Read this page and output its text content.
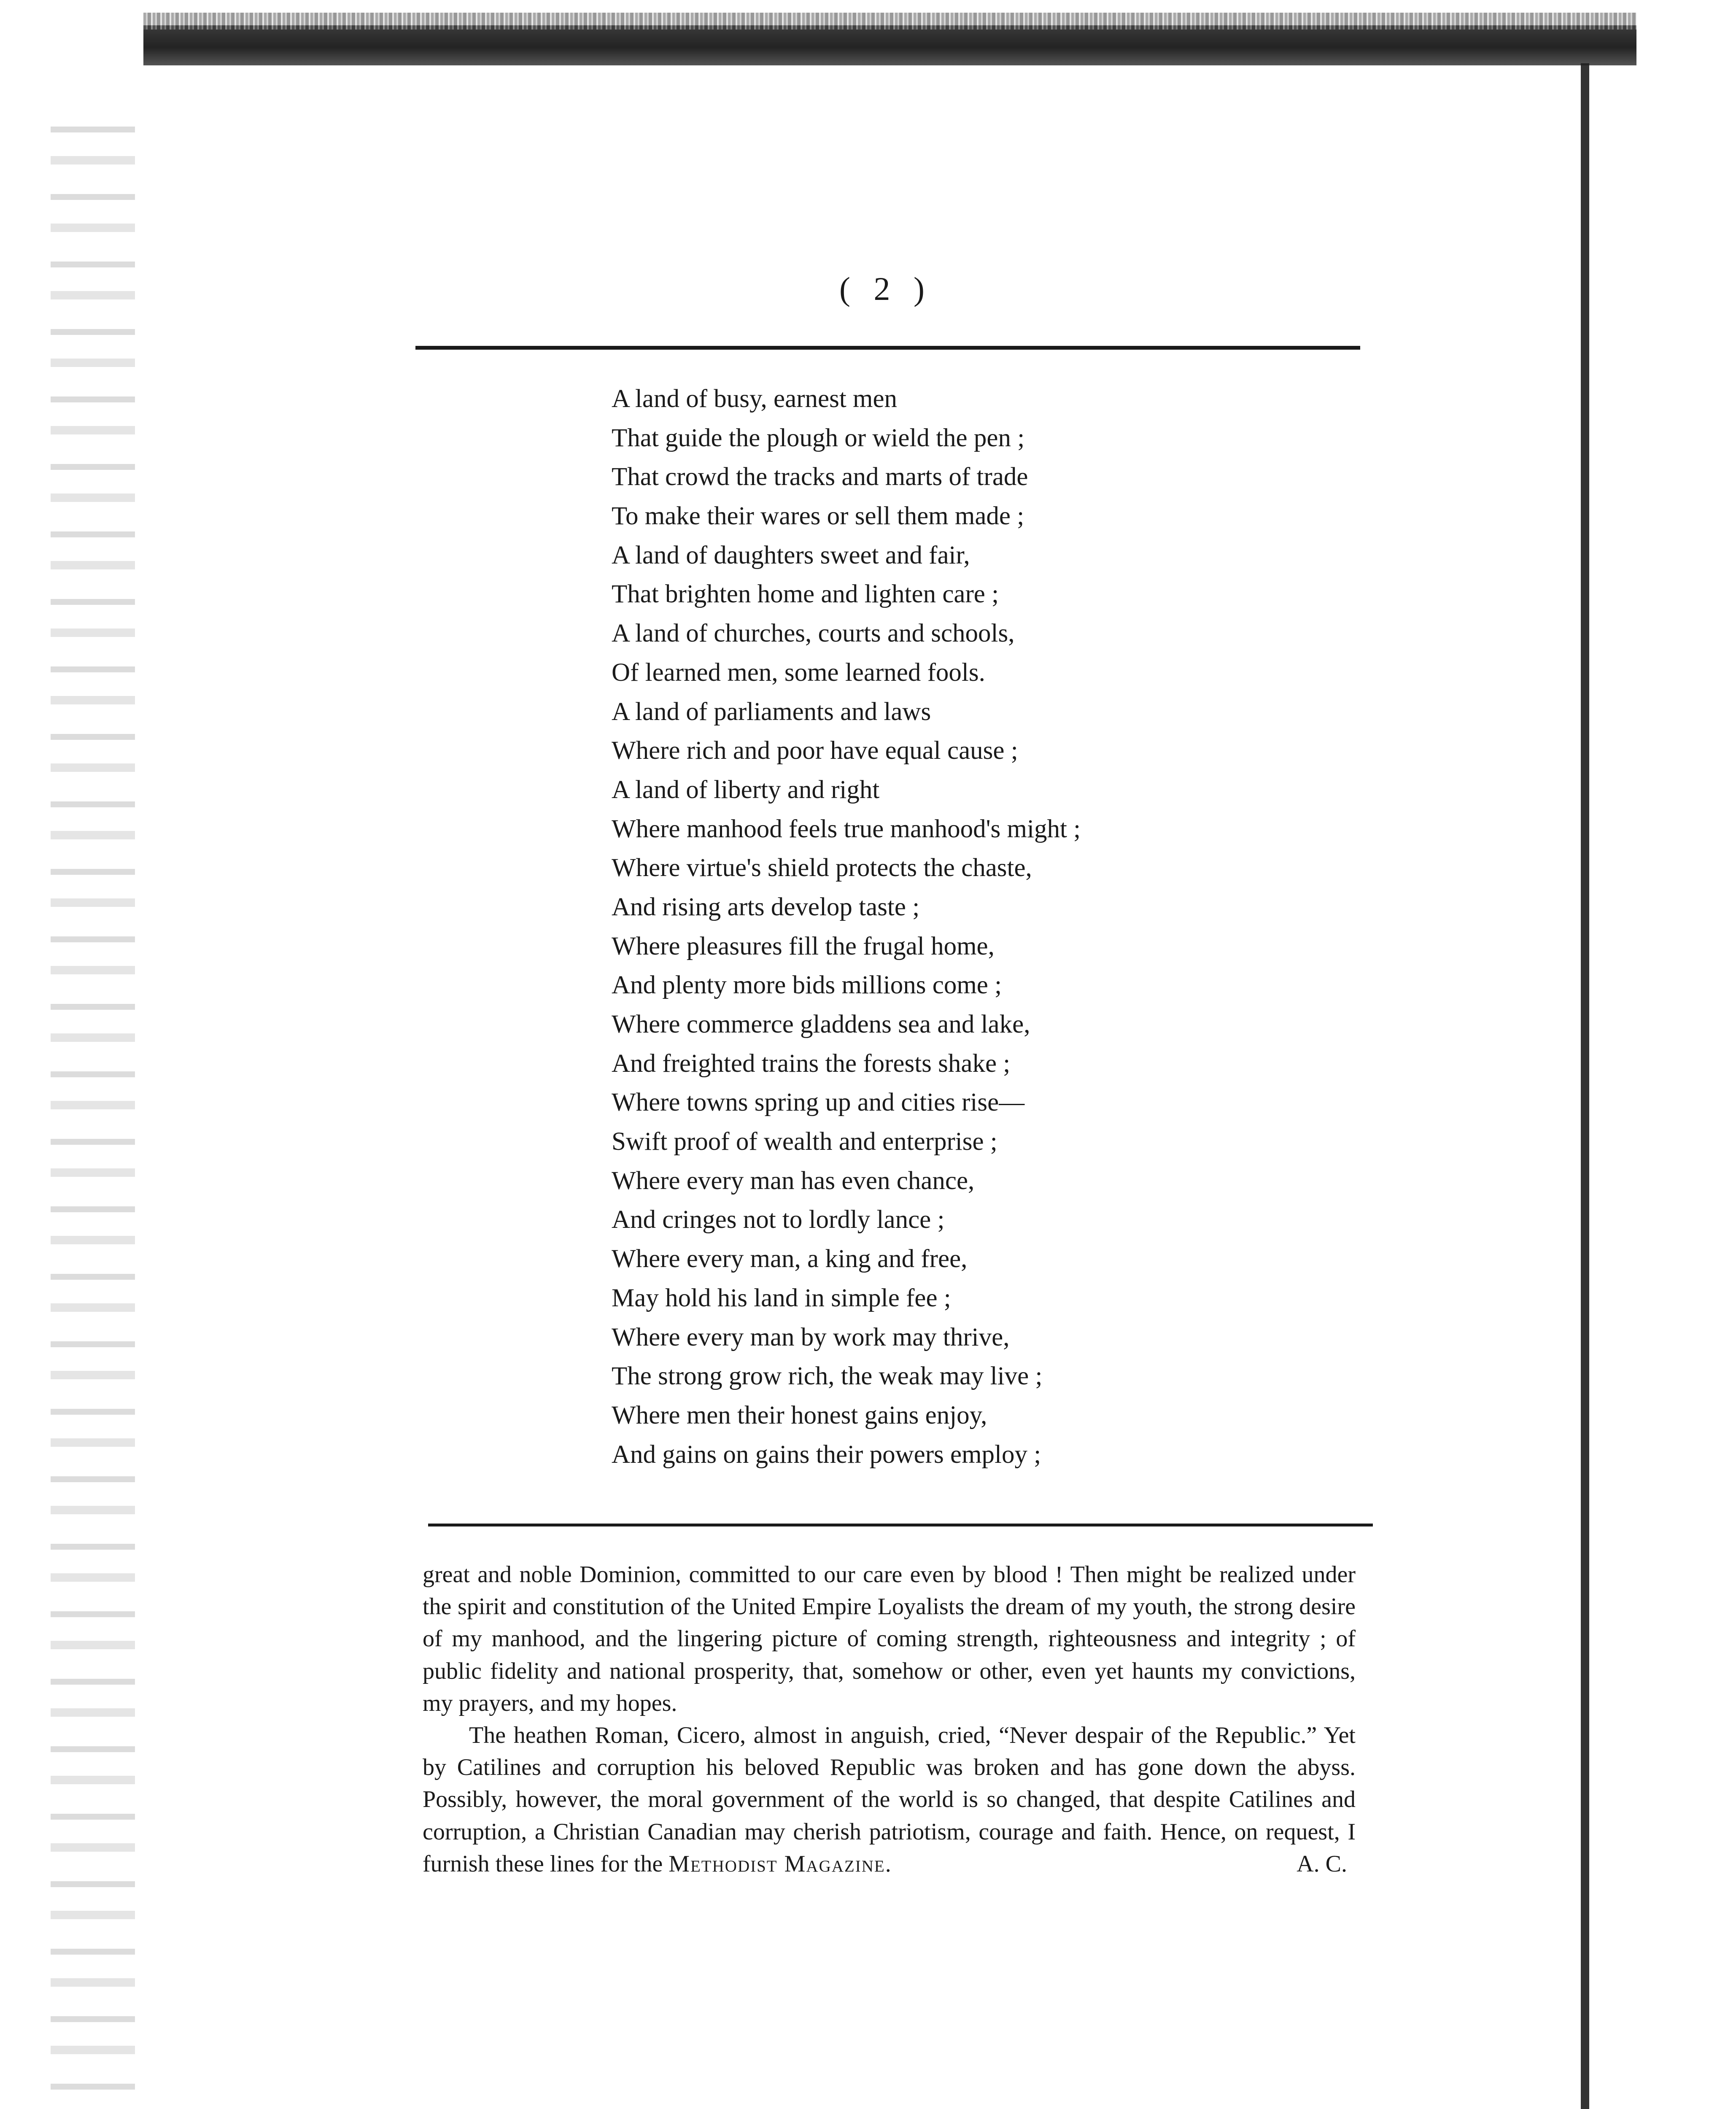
( 2 )
A land of busy, earnest men
That guide the plough or wield the pen ;
That crowd the tracks and marts of trade
To make their wares or sell them made ;
A land of daughters sweet and fair,
That brighten home and lighten care ;
A land of churches, courts and schools,
Of learned men, some learned fools.
A land of parliaments and laws
Where rich and poor have equal cause ;
A land of liberty and right
Where manhood feels true manhood's might ;
Where virtue's shield protects the chaste,
And rising arts develop taste ;
Where pleasures fill the frugal home,
And plenty more bids millions come ;
Where commerce gladdens sea and lake,
And freighted trains the forests shake ;
Where towns spring up and cities rise—
Swift proof of wealth and enterprise ;
Where every man has even chance,
And cringes not to lordly lance ;
Where every man, a king and free,
May hold his land in simple fee ;
Where every man by work may thrive,
The strong grow rich, the weak may live ;
Where men their honest gains enjoy,
And gains on gains their powers employ ;

great and noble Dominion, committed to our care even by blood ! Then might be realized under the spirit and constitution of the United Empire Loyalists the dream of my youth, the strong desire of my manhood, and the lingering picture of coming strength, righteousness and integrity ; of public fidelity and national prosperity, that, somehow or other, even yet haunts my convictions, my prayers, and my hopes.

The heathen Roman, Cicero, almost in anguish, cried, “Never despair of the Republic.” Yet by Catilines and corruption his beloved Republic was broken and has gone down the abyss. Possibly, however, the moral government of the world is so changed, that despite Catilines and corruption, a Christian Canadian may cherish patriotism, courage and faith. Hence, on request, I furnish these lines for the Methodist Magazine.	A. C.
